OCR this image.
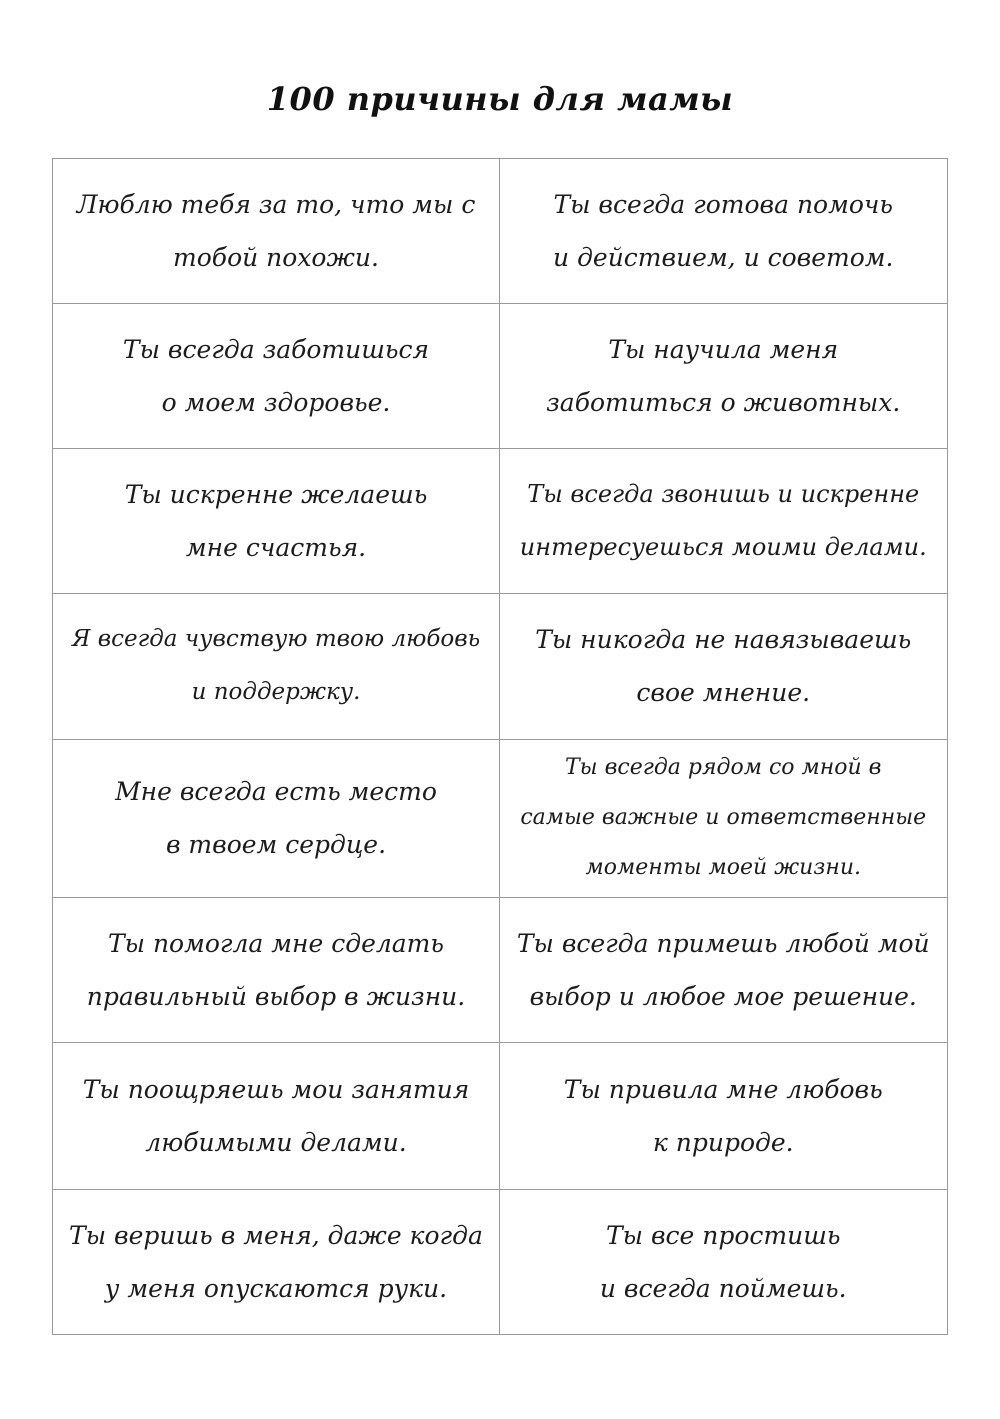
100 причины для мамы
Люблю тебя за то, что мы с
тобой похожи.
Ты всегда готова помочь
и действием, и советом.
Ты всегда заботишься
о моем здоровье.
Ты научила меня
заботиться о животных.
Ты искренне желаешь
мне счастья.
Ты всегда звонишь и искренне
интересуешься моими делами.
Я всегда чувствую твою любовь
и поддержку.
Ты никогда не навязываешь
свое мнение.
Мне всегда есть место
в твоем сердце.
Ты всегда рядом со мной в
самые важные и ответственные
моменты моей жизни.
Ты помогла мне сделать
правильный выбор в жизни.
Ты всегда примешь любой мой
выбор и любое мое решение.
Ты поощряешь мои занятия
любимыми делами.
Ты привила мне любовь
к природе.
Ты веришь в меня, даже когда
у меня опускаются руки.
Ты все простишь
и всегда поймешь.
